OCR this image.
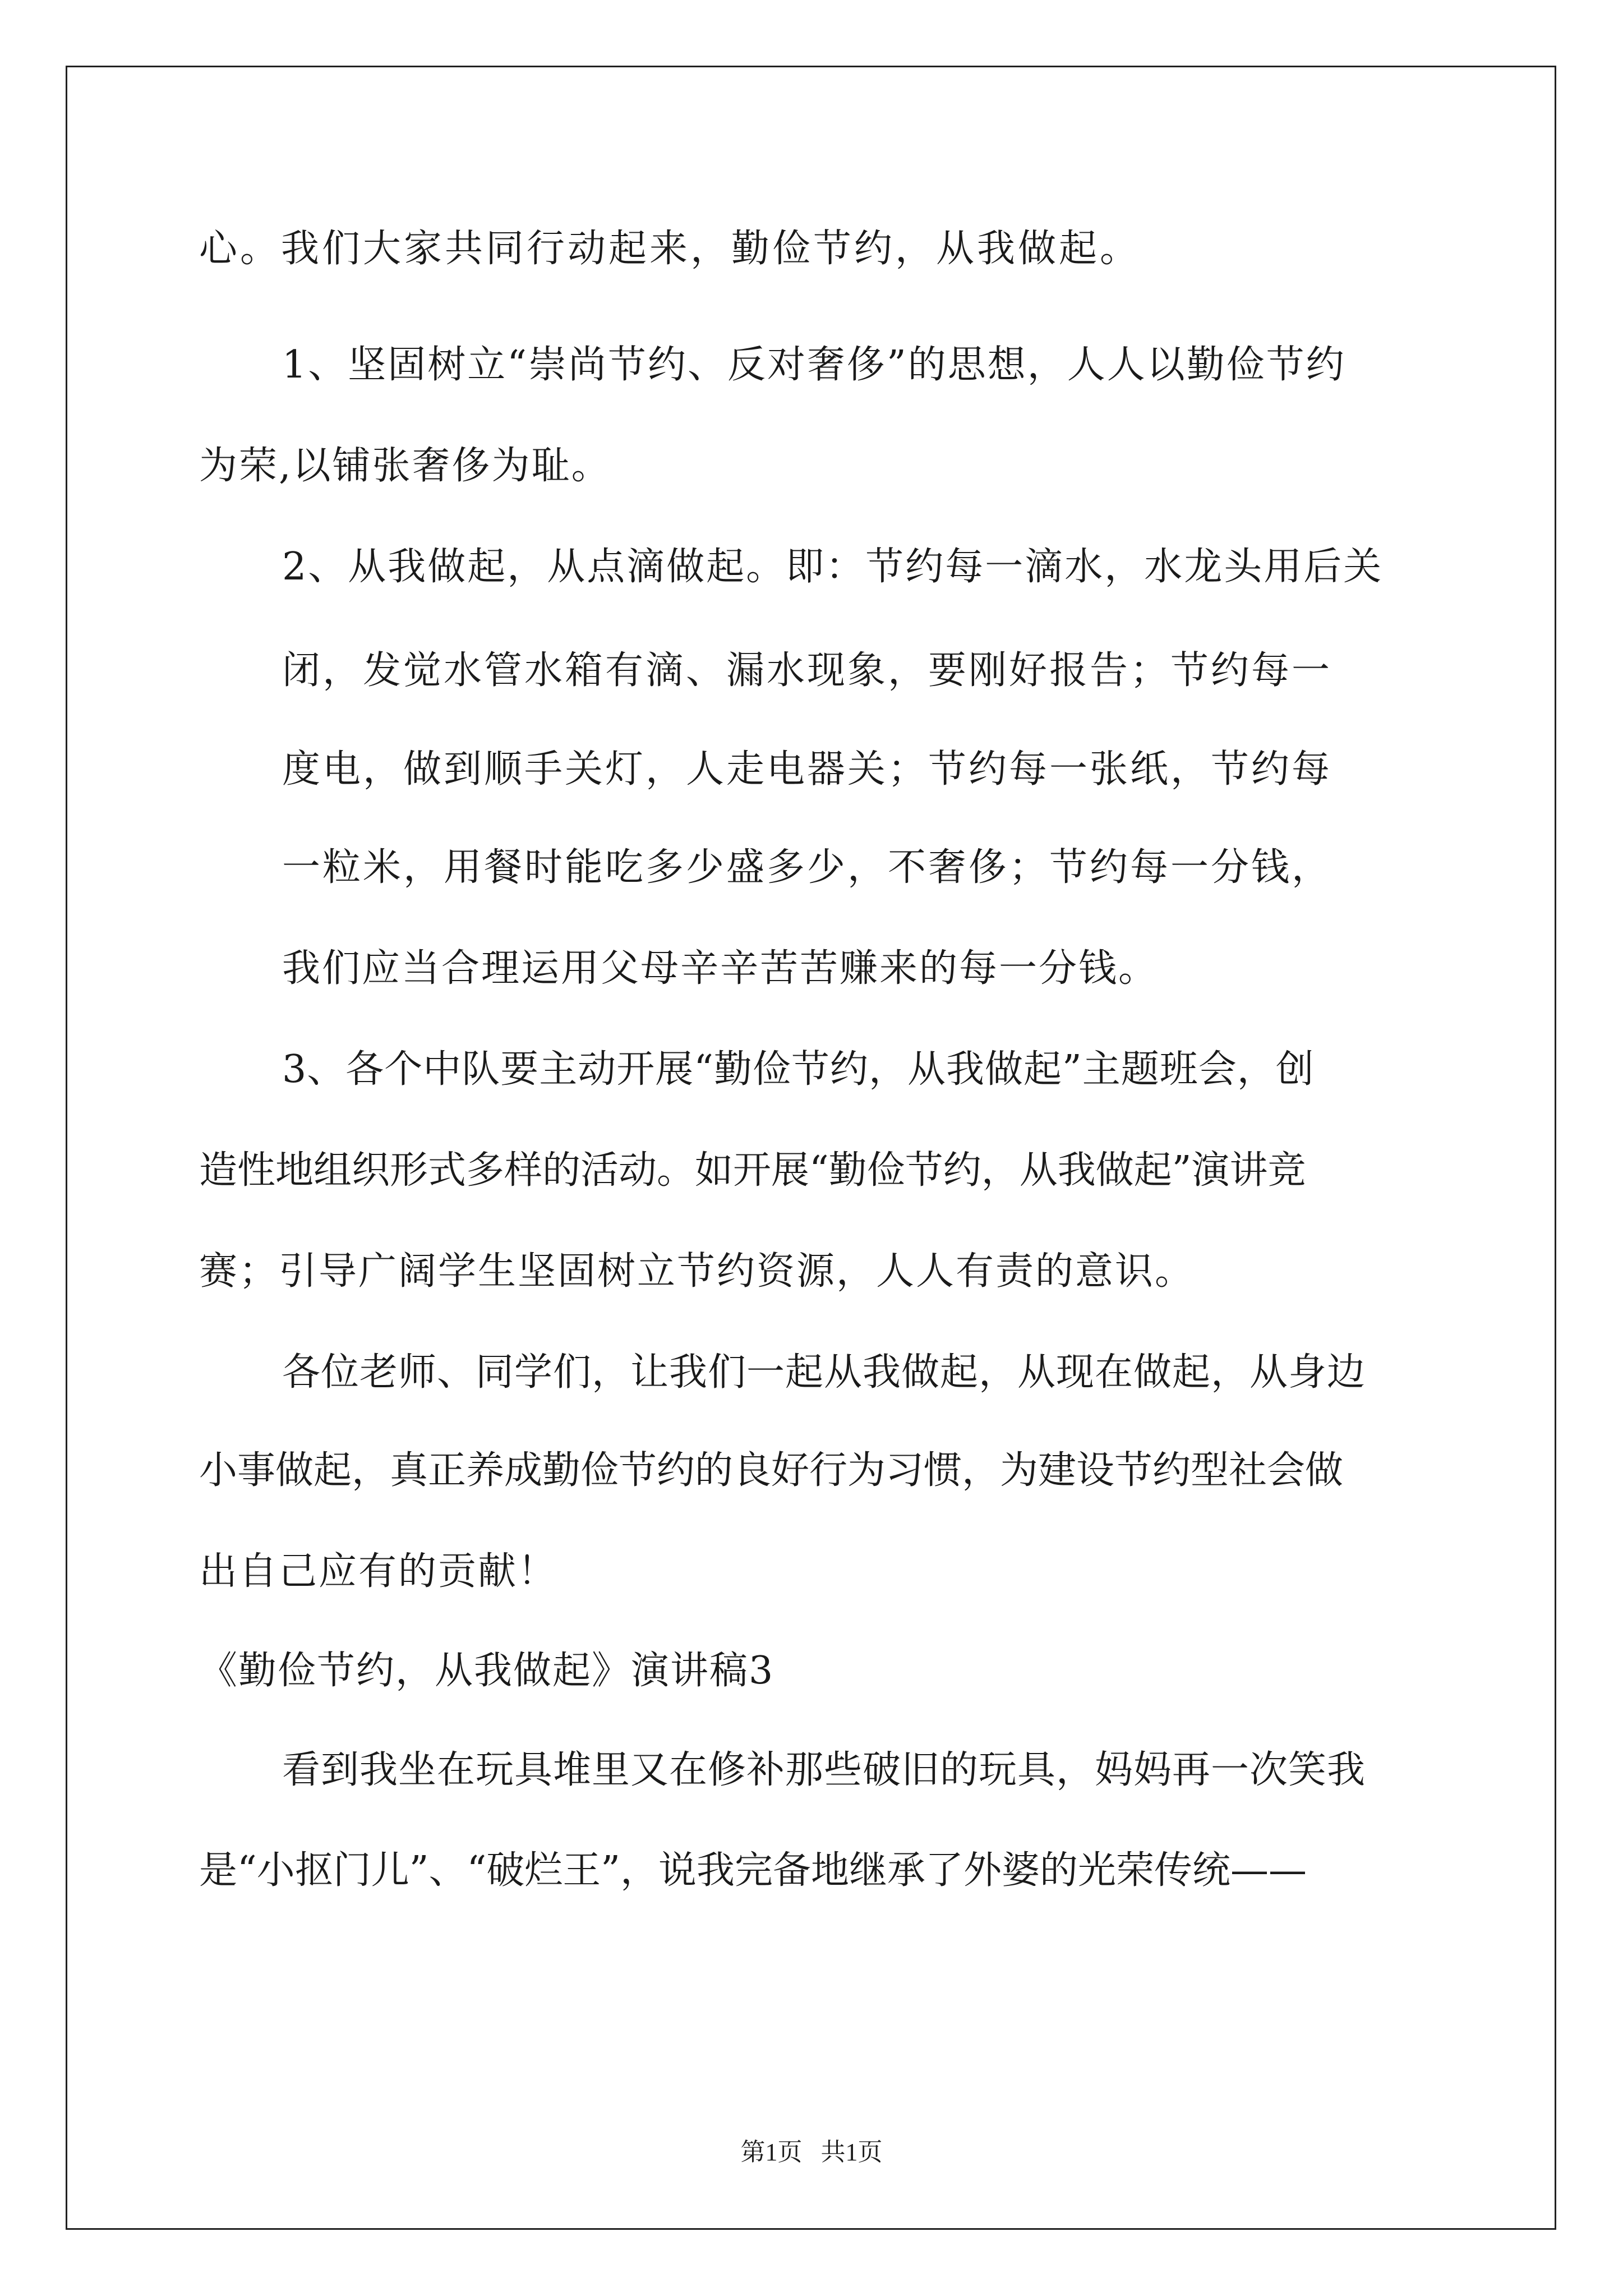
心。我们大家共同行动起来，勤俭节约，从我做起。
1、坚固树立“崇尚节约、反对奢侈”的思想，人人以勤俭节约
为荣,以铺张奢侈为耻。
2、从我做起，从点滴做起。即：节约每一滴水，水龙头用后关
闭，发觉水管水箱有滴、漏水现象，要刚好报告；节约每一
度电，做到顺手关灯，人走电器关；节约每一张纸，节约每
一粒米，用餐时能吃多少盛多少，不奢侈；节约每一分钱，
我们应当合理运用父母辛辛苦苦赚来的每一分钱。
3、各个中队要主动开展“勤俭节约，从我做起”主题班会，创
造性地组织形式多样的活动。如开展“勤俭节约，从我做起”演讲竞
赛；引导广阔学生坚固树立节约资源，人人有责的意识。
各位老师、同学们，让我们一起从我做起，从现在做起，从身边
小事做起，真正养成勤俭节约的良好行为习惯，为建设节约型社会做
出自己应有的贡献！
《勤俭节约，从我做起》演讲稿3
看到我坐在玩具堆里又在修补那些破旧的玩具，妈妈再一次笑我
是“小抠门儿”、“破烂王”，说我完备地继承了外婆的光荣传统——
第1页   共1页
